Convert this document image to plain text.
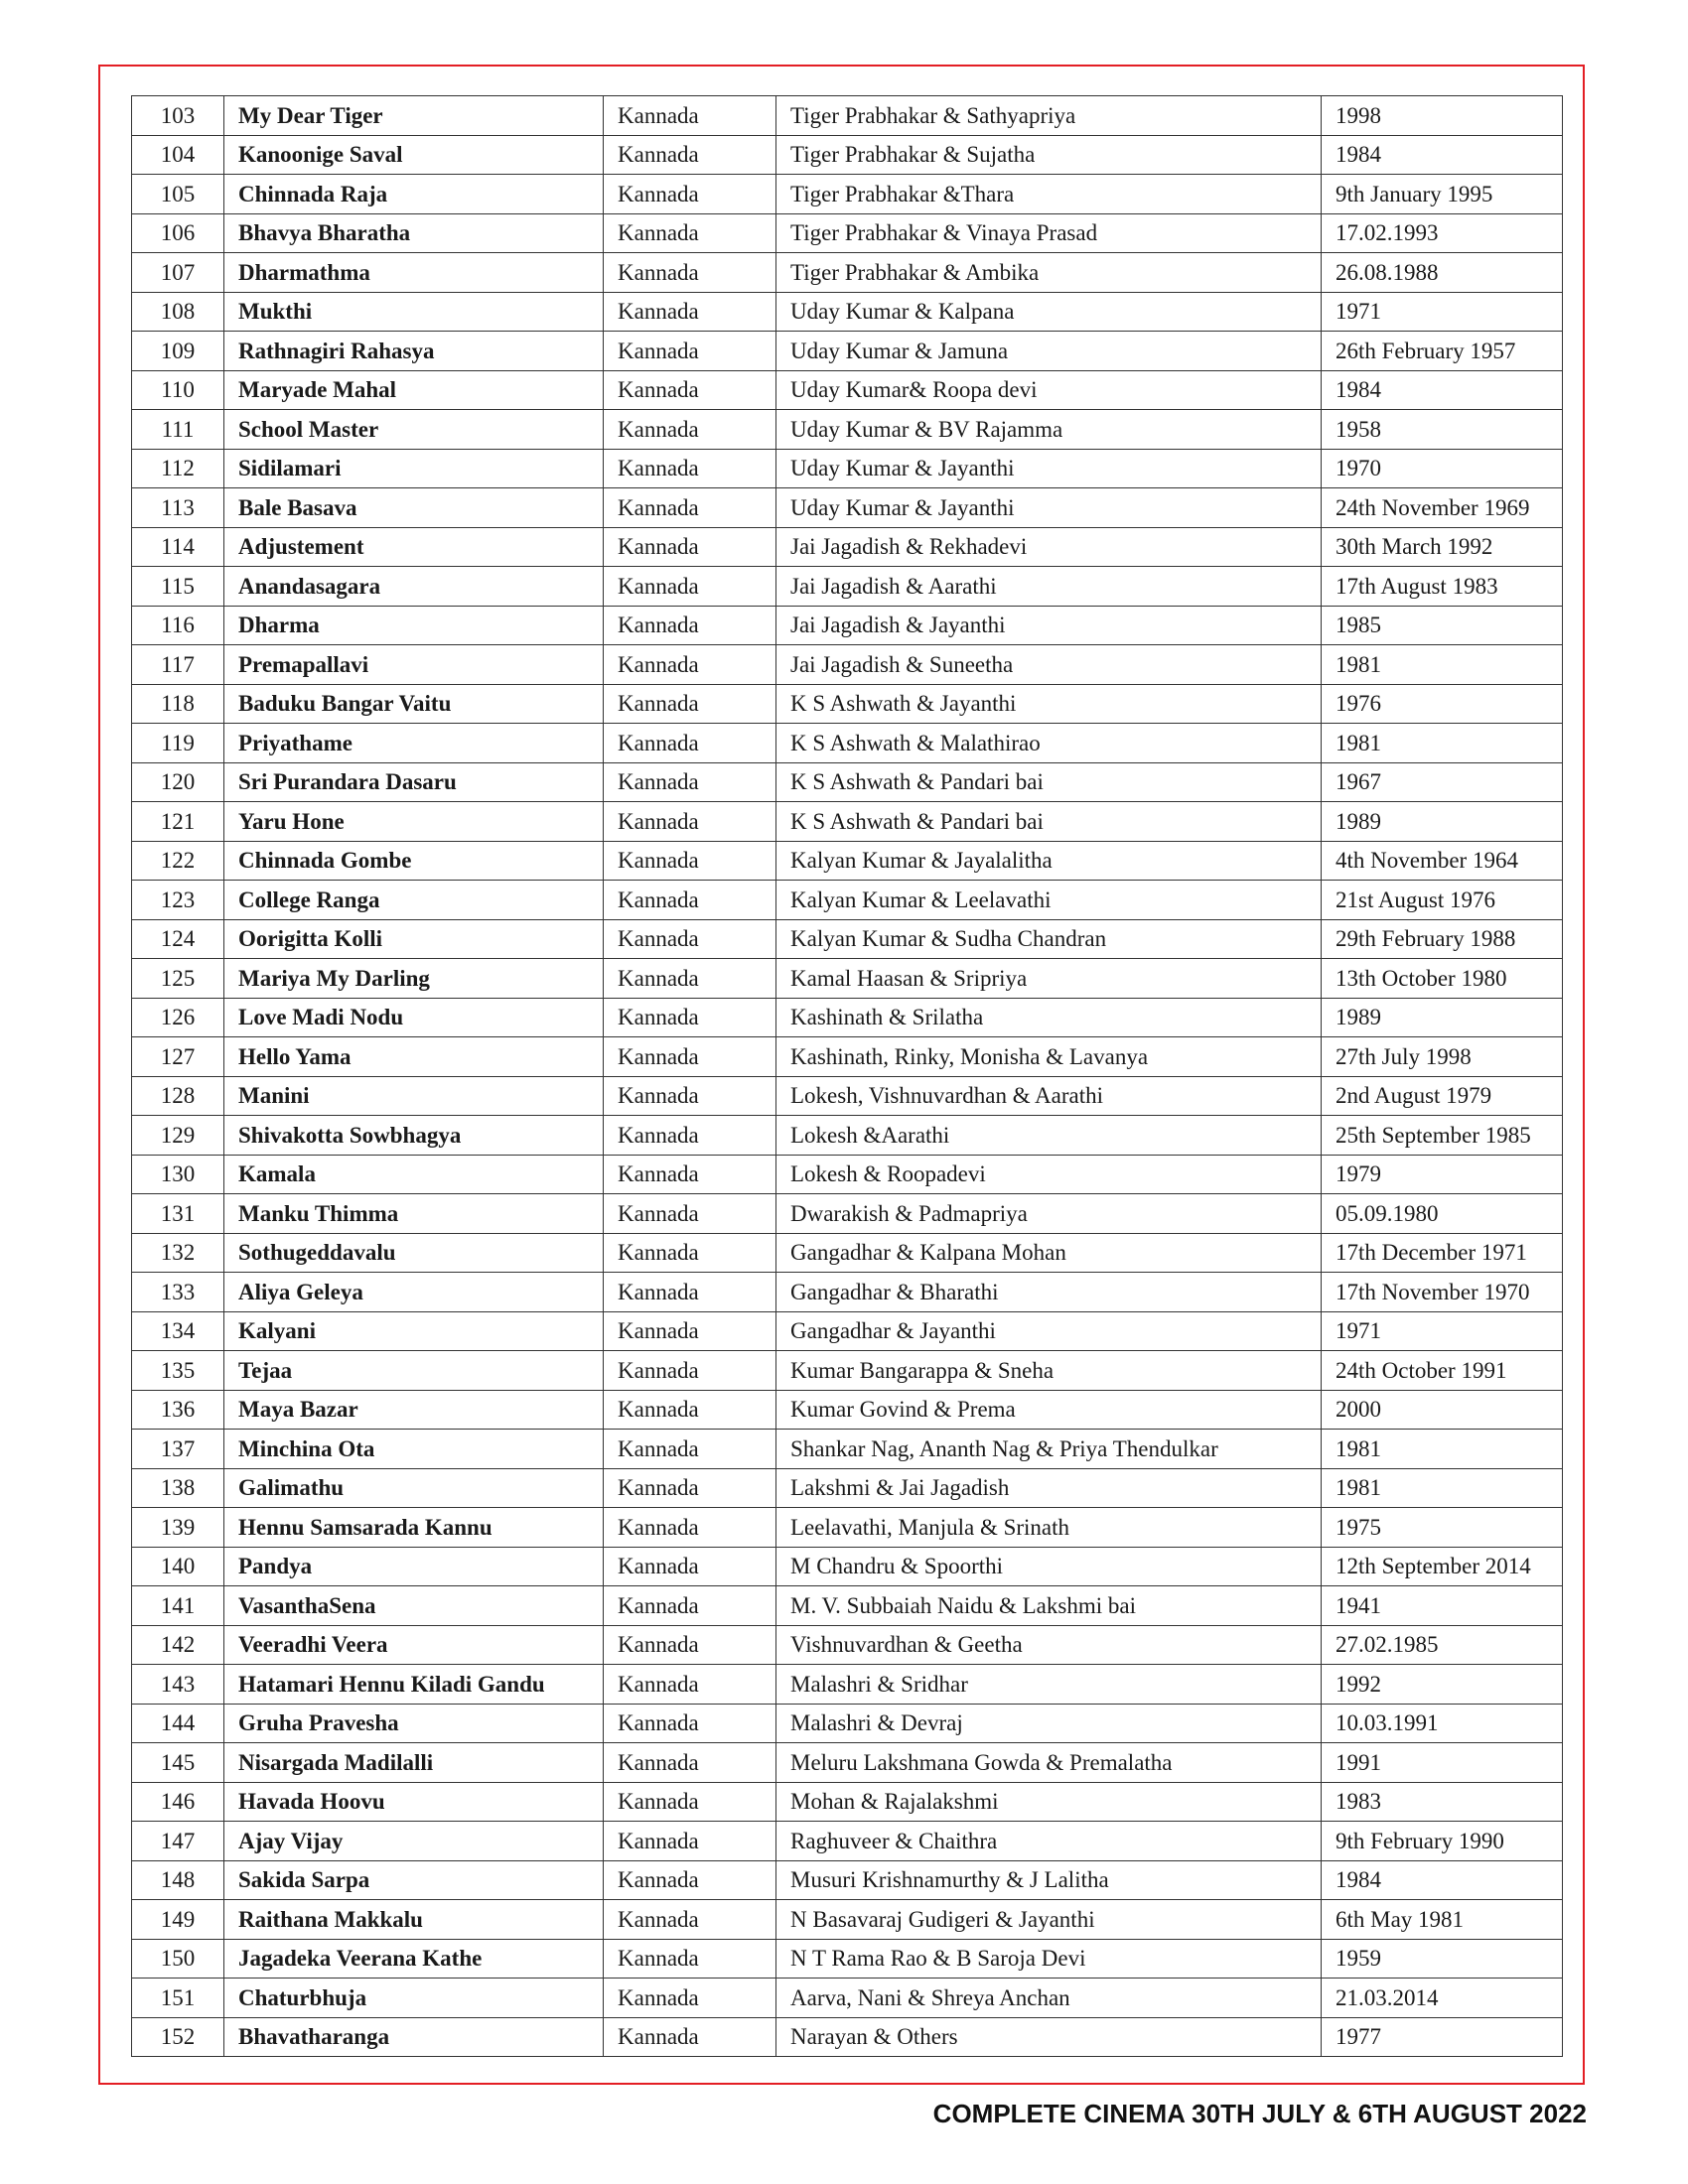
103	My Dear Tiger	Kannada	Tiger Prabhakar & Sathyapriya	1998
104	Kanoonige Saval	Kannada	Tiger Prabhakar & Sujatha	1984
105	Chinnada Raja	Kannada	Tiger Prabhakar &Thara	9th January 1995
106	Bhavya Bharatha	Kannada	Tiger Prabhakar & Vinaya Prasad	17.02.1993
107	Dharmathma	Kannada	Tiger Prabhakar & Ambika	26.08.1988
108	Mukthi	Kannada	Uday Kumar & Kalpana	1971
109	Rathnagiri Rahasya	Kannada	Uday Kumar & Jamuna	26th February 1957
110	Maryade Mahal	Kannada	Uday Kumar& Roopa devi	1984
111	School Master	Kannada	Uday Kumar & BV Rajamma	1958
112	Sidilamari	Kannada	Uday Kumar & Jayanthi	1970
113	Bale Basava	Kannada	Uday Kumar & Jayanthi	24th November 1969
114	Adjustement	Kannada	Jai Jagadish & Rekhadevi	30th March 1992
115	Anandasagara	Kannada	Jai Jagadish & Aarathi	17th August 1983
116	Dharma	Kannada	Jai Jagadish & Jayanthi	1985
117	Premapallavi	Kannada	Jai Jagadish & Suneetha	1981
118	Baduku Bangar Vaitu	Kannada	K S Ashwath & Jayanthi	1976
119	Priyathame	Kannada	K S Ashwath & Malathirao	1981
120	Sri Purandara Dasaru	Kannada	K S Ashwath & Pandari bai	1967
121	Yaru Hone	Kannada	K S Ashwath & Pandari bai	1989
122	Chinnada Gombe	Kannada	Kalyan Kumar & Jayalalitha	4th November 1964
123	College Ranga	Kannada	Kalyan Kumar & Leelavathi	21st August 1976
124	Oorigitta Kolli	Kannada	Kalyan Kumar & Sudha Chandran	29th February 1988
125	Mariya My Darling	Kannada	Kamal Haasan & Sripriya	13th October 1980
126	Love Madi Nodu	Kannada	Kashinath & Srilatha	1989
127	Hello Yama	Kannada	Kashinath, Rinky, Monisha & Lavanya	27th July 1998
128	Manini	Kannada	Lokesh, Vishnuvardhan & Aarathi	2nd August 1979
129	Shivakotta Sowbhagya	Kannada	Lokesh &Aarathi	25th September 1985
130	Kamala	Kannada	Lokesh & Roopadevi	1979
131	Manku Thimma	Kannada	Dwarakish & Padmapriya	05.09.1980
132	Sothugeddavalu	Kannada	Gangadhar & Kalpana Mohan	17th December 1971
133	Aliya Geleya	Kannada	Gangadhar & Bharathi	17th November 1970
134	Kalyani	Kannada	Gangadhar & Jayanthi	1971
135	Tejaa	Kannada	Kumar Bangarappa & Sneha	24th October 1991
136	Maya Bazar	Kannada	Kumar Govind & Prema	2000
137	Minchina Ota	Kannada	Shankar Nag, Ananth Nag & Priya Thendulkar	1981
138	Galimathu	Kannada	Lakshmi & Jai Jagadish	1981
139	Hennu Samsarada Kannu	Kannada	Leelavathi, Manjula & Srinath	1975
140	Pandya	Kannada	M Chandru & Spoorthi	12th September 2014
141	VasanthaSena	Kannada	M. V. Subbaiah Naidu & Lakshmi bai	1941
142	Veeradhi Veera	Kannada	Vishnuvardhan & Geetha	27.02.1985
143	Hatamari Hennu Kiladi Gandu	Kannada	Malashri & Sridhar	1992
144	Gruha Pravesha	Kannada	Malashri & Devraj	10.03.1991
145	Nisargada Madilalli	Kannada	Meluru Lakshmana Gowda & Premalatha	1991
146	Havada Hoovu	Kannada	Mohan & Rajalakshmi	1983
147	Ajay Vijay	Kannada	Raghuveer & Chaithra	9th February 1990
148	Sakida Sarpa	Kannada	Musuri Krishnamurthy & J Lalitha	1984
149	Raithana Makkalu	Kannada	N Basavaraj Gudigeri & Jayanthi	6th May 1981
150	Jagadeka Veerana Kathe	Kannada	N T Rama Rao & B Saroja Devi	1959
151	Chaturbhuja	Kannada	Aarva, Nani & Shreya Anchan	21.03.2014
152	Bhavatharanga	Kannada	Narayan & Others	1977
COMPLETE CINEMA 30TH JULY & 6TH AUGUST 2022
